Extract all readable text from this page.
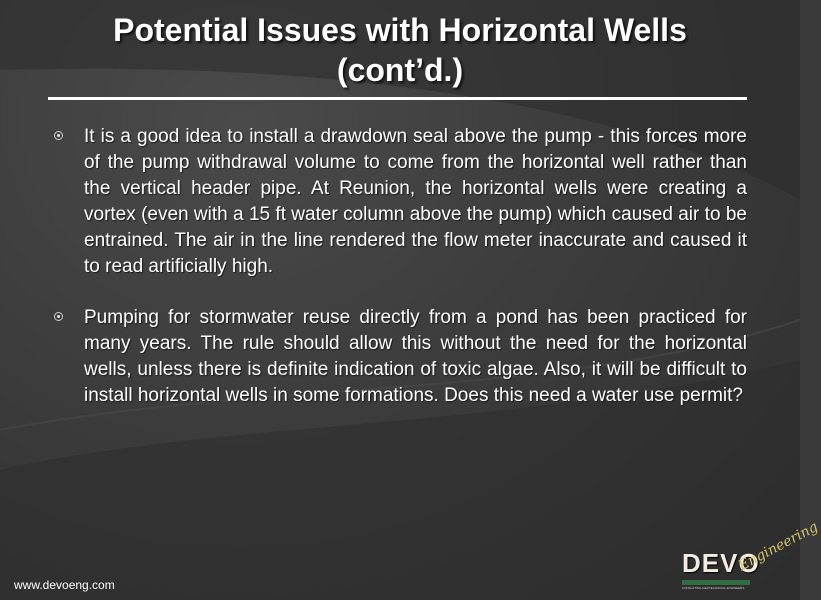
Potential Issues with Horizontal Wells
(cont’d.)
It is a good idea to install a drawdown seal above the pump - this forces more of the pump withdrawal volume to come from the horizontal well rather than the vertical header pipe. At Reunion, the horizontal wells were creating a vortex (even with a 15 ft water column above the pump) which caused air to be entrained. The air in the line rendered the flow meter inaccurate and caused it to read artificially high.
Pumping for stormwater reuse directly from a pond has been practiced for many years. The rule should allow this without the need for the horizontal wells, unless there is definite indication of toxic algae. Also, it will be difficult to install horizontal wells in some formations. Does this need a water use permit?
www.devoeng.com
DEVO
CONSULTING GEOTECHNICAL ENGINEERS
Engineering
